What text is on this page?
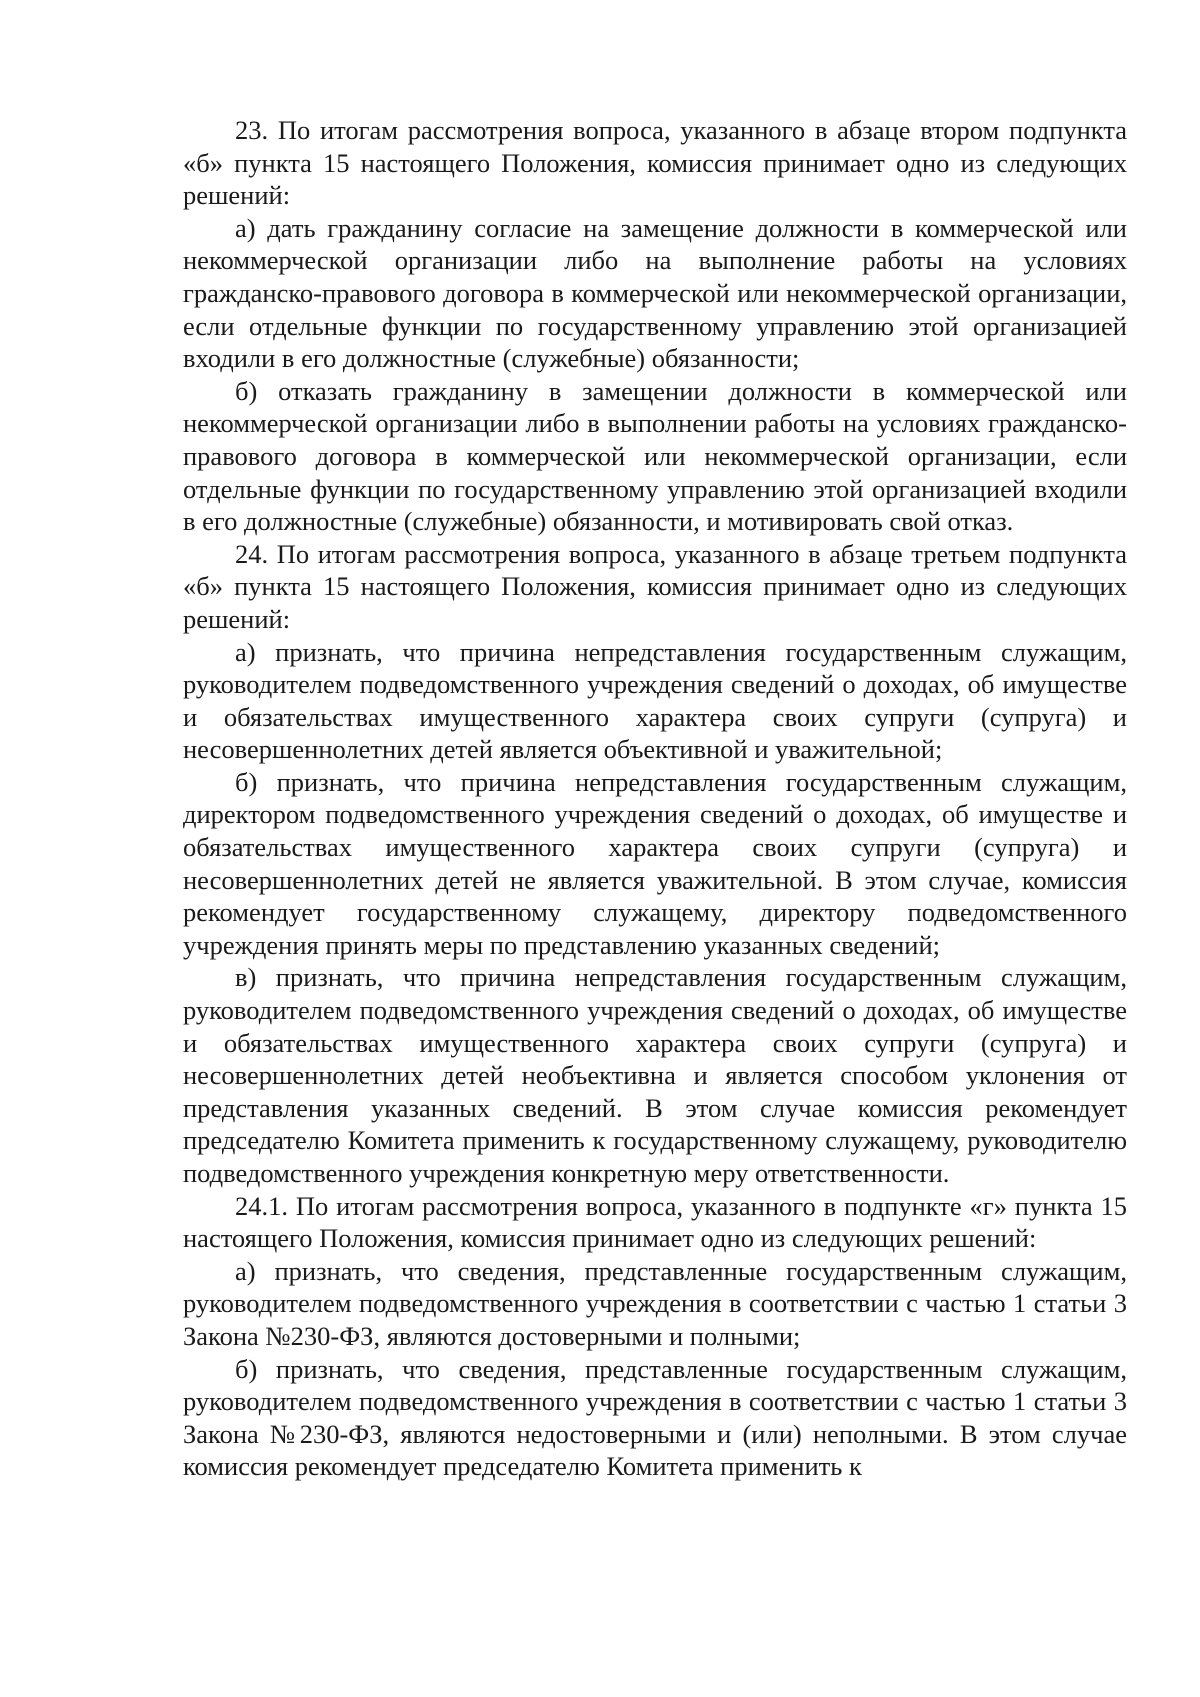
23. По итогам рассмотрения вопроса, указанного в абзаце втором подпункта «б» пункта 15 настоящего Положения, комиссия принимает одно из следующих решений:

а) дать гражданину согласие на замещение должности в коммерческой или некоммерческой организации либо на выполнение работы на условиях гражданско-правового договора в коммерческой или некоммерческой организации, если отдельные функции по государственному управлению этой организацией входили в его должностные (служебные) обязанности;

б) отказать гражданину в замещении должности в коммерческой или некоммерческой организации либо в выполнении работы на условиях гражданско-правового договора в коммерческой или некоммерческой организации, если отдельные функции по государственному управлению этой организацией входили в его должностные (служебные) обязанности, и мотивировать свой отказ.

24. По итогам рассмотрения вопроса, указанного в абзаце третьем подпункта «б» пункта 15 настоящего Положения, комиссия принимает одно из следующих решений:

а) признать, что причина непредставления государственным служащим, руководителем подведомственного учреждения сведений о доходах, об имуществе и обязательствах имущественного характера своих супруги (супруга) и несовершеннолетних детей является объективной и уважительной;

б) признать, что причина непредставления государственным служащим, директором подведомственного учреждения сведений о доходах, об имуществе и обязательствах имущественного характера своих супруги (супруга) и несовершеннолетних детей не является уважительной. В этом случае, комиссия рекомендует государственному служащему, директору подведомственного учреждения принять меры по представлению указанных сведений;

в) признать, что причина непредставления государственным служащим, руководителем подведомственного учреждения сведений о доходах, об имуществе и обязательствах имущественного характера своих супруги (супруга) и несовершеннолетних детей необъективна и является способом уклонения от представления указанных сведений. В этом случае комиссия рекомендует председателю Комитета применить к государственному служащему, руководителю подведомственного учреждения конкретную меру ответственности.

24.1. По итогам рассмотрения вопроса, указанного в подпункте «г» пункта 15 настоящего Положения, комиссия принимает одно из следующих решений:

а) признать, что сведения, представленные государственным служащим, руководителем подведомственного учреждения в соответствии с частью 1 статьи 3 Закона №230-ФЗ, являются достоверными и полными;

б) признать, что сведения, представленные государственным служащим, руководителем подведомственного учреждения в соответствии с частью 1 статьи 3 Закона №230-ФЗ, являются недостоверными и (или) неполными. В этом случае комиссия рекомендует председателю Комитета применить к
